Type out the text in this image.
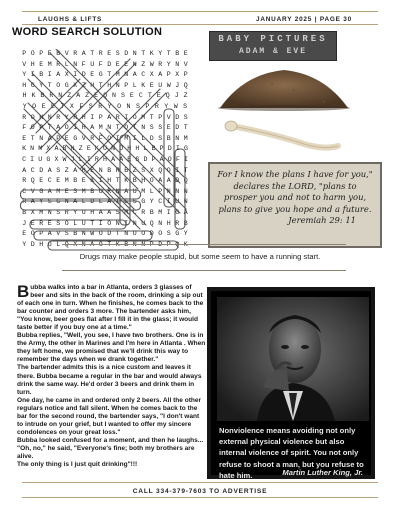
LAUGHS & LIFTS	JANUARY 2025 | PAGE 30
WORD SEARCH SOLUTION
P O P E B V R A T R E S D N T K Y T B E
V H E M R L N F U F D E E N Z W R Y N V
Y I B I A X I D E G T M N A C X A P X P
H G Y T O G X Z H T H N P L K E U W J Q
H K B R N Z A Z E Q N S E C T E Q J Z
Y O E E T X F S R Y O N S P R Y W S
R O H N R Y R H I P A R I O M T P V D S
F O P T A O I H A M N T O T N S S E D T
E T N A P E G V R F O I M I L D S B N M
K N M X A B N Z E K U N D H H L B P D I G
C I U G X W J L I R H A A E S D P A O F I
A C D A S Z A H E N B R B Z S X Q O I T
R Q E C E M B E K I H T K B H O A A D Q
C V G A M E S M B U R N A U M L P N N N
R A Y S G N A L D L A I E S G Y C I U N
B X M N S R Y U H A A S M C R B M I G A
J E R E S O L U T I O N I N U Q N H R B
E O P A V S B N W O D T N U O D O S G Y
Y D H O L
BABY PICTURES
ADAM & EVE
For I know the plans I have for you," declares the LORD, "plans to prosper you and not to harm you, plans to give you hope and a future.
Jeremiah 29: 11
Drugs may make people stupid, but some seem to have a running start.
B ubba walks into a bar in Atlanta, orders 3 glasses of beer and sits in the back of the room, drinking a sip out of each one in turn. When he finishes, he comes back to the bar counter and orders 3 more. The bartender asks him, "You know, beer goes flat after I fill it in the glass; it would taste better if you buy one at a time."

Bubba replies, "Well, you see, I have two brothers. One is in the Army, the other in Marines and I'm here in Atlanta . When they left home, we promised that we'll drink this way to remember the days when we drank together."

The bartender admits this is a nice custom and leaves it there. Bubba became a regular in the bar and would always drink the same way. He'd order 3 beers and drink them in turn.

One day, he came in and ordered only 2 beers. All the other regulars notice and fall silent. When he comes back to the bar for the second round, the bartender says, "I don't want to intrude on your grief, but I wanted to offer my sincere condolences on your great loss."

Bubba looked confused for a moment, and then he laughs... "Oh, no," he said, "Everyone's fine; both my brothers are alive.

The only thing is I just quit drinking"!!!

Nonviolence means avoiding not only external physical violence but also internal violence of spirit. You not only refuse to shoot a man, but you refuse to hate him.	Martin Luther King, Jr.
CALL 334-379-7603 TO ADVERTISE
